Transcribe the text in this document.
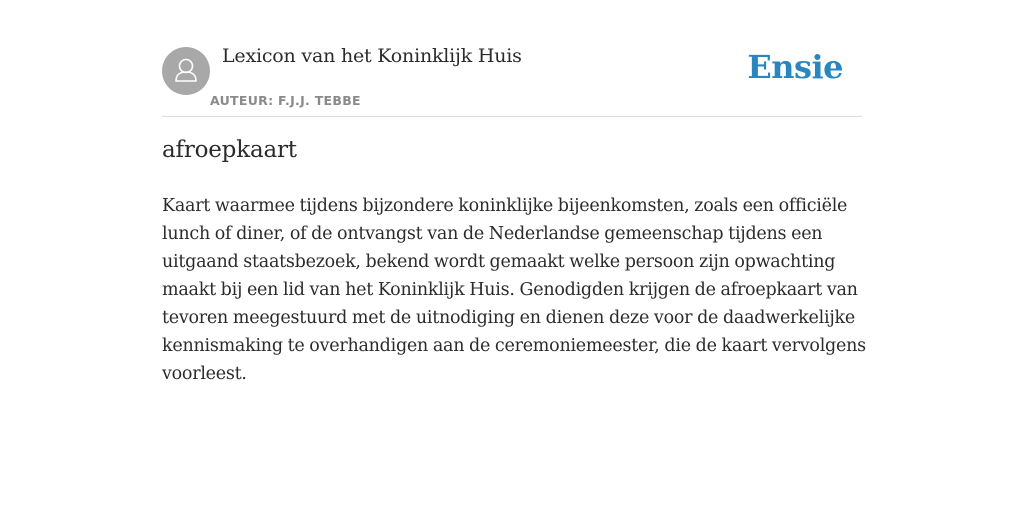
Lexicon van het Koninklijk Huis
AUTEUR: F.J.J. TEBBE
Ensie
afroepkaart

Kaart waarmee tijdens bijzondere koninklijke bijeenkomsten, zoals een officiële lunch of diner, of de ontvangst van de Nederlandse gemeenschap tijdens een uitgaand staatsbezoek, bekend wordt gemaakt welke persoon zijn opwachting maakt bij een lid van het Koninklijk Huis. Genodigden krijgen de afroepkaart van tevoren meegestuurd met de uitnodiging en dienen deze voor de daadwerkelijke kennismaking te overhandigen aan de ceremoniemeester, die de kaart vervolgens voorleest.
